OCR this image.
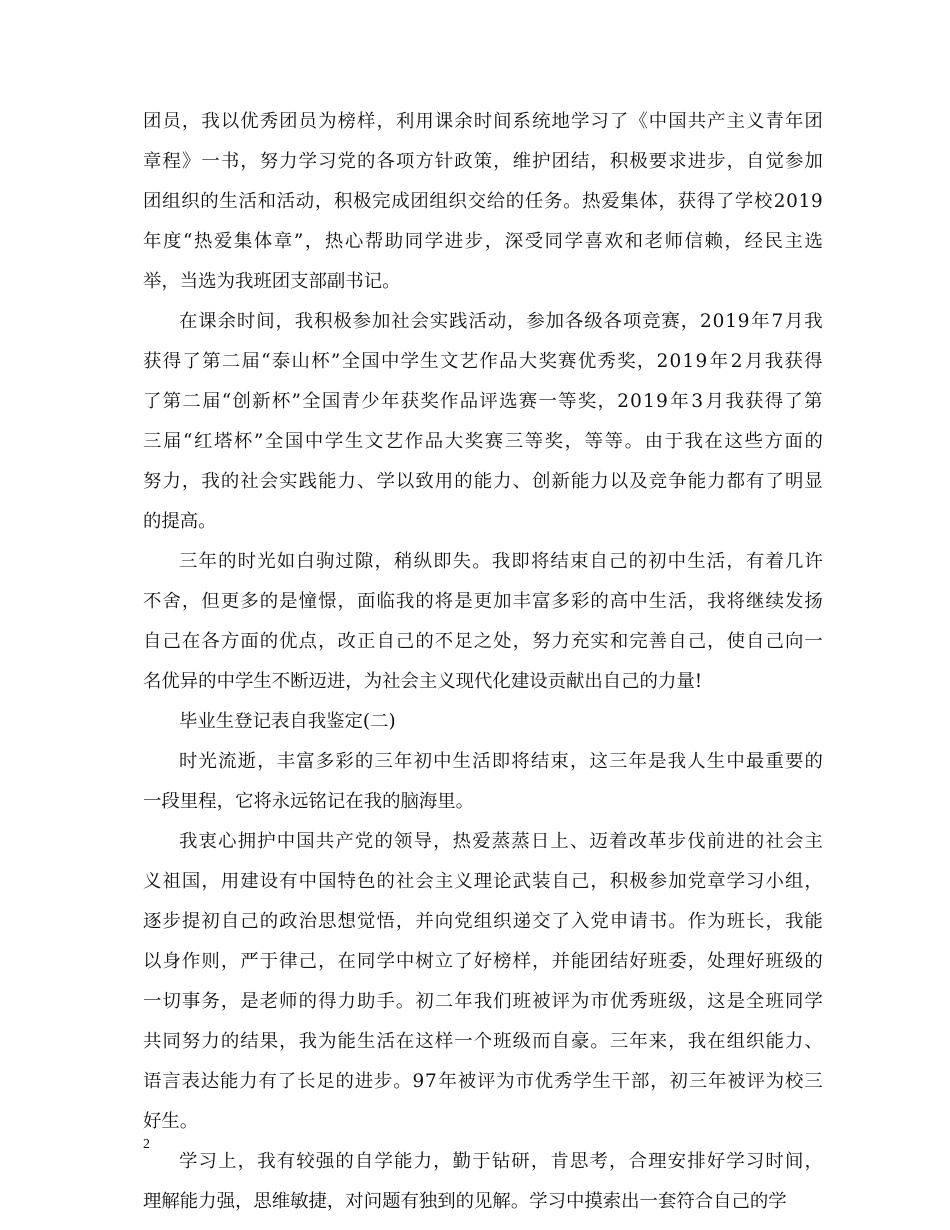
团 员 ， 我 以 优 秀 团 员 为 榜 样 ， 利 用 课 余 时 间 系 统 地 学 习 了 《 中 国 共 产 主 义 青 年 团
章 程 》 一 书 ， 努 力 学 习 党 的 各 项 方 针 政 策 ， 维 护 团 结 ， 积 极 要 求 进 步 ， 自 觉 参 加
团 组 织 的 生 活 和 活 动 ， 积 极 完 成 团 组 织 交 给 的 任 务 。 热 爱 集 体 ， 获 得 了 学 校 2 0 1 9
年 度 “ 热 爱 集 体 章 ” ， 热 心 帮 助 同 学 进 步 ， 深 受 同 学 喜 欢 和 老 师 信 赖 ， 经 民 主 选
举，当选为我班团支部副书记。
在 课 余 时 间 ， 我 积 极 参 加 社 会 实 践 活 动 ， 参 加 各 级 各 项 竞 赛 ， 2 0 1 9 年 7 月 我
获 得 了 第 二 届 “ 泰 山 杯 ” 全 国 中 学 生 文 艺 作 品 大 奖 赛 优 秀 奖 ， 2 0 1 9 年 2 月 我 获 得
了 第 二 届 “ 创 新 杯 ” 全 国 青 少 年 获 奖 作 品 评 选 赛 一 等 奖 ， 2 0 1 9 年 3 月 我 获 得 了 第
三 届 “ 红 塔 杯 ” 全 国 中 学 生 文 艺 作 品 大 奖 赛 三 等 奖 ， 等 等 。 由 于 我 在 这 些 方 面 的
努 力 ， 我 的 社 会 实 践 能 力 、 学 以 致 用 的 能 力 、 创 新 能 力 以 及 竞 争 能 力 都 有 了 明 显
的提高。
三 年 的 时 光 如 白 驹 过 隙 ， 稍 纵 即 失 。 我 即 将 结 束 自 己 的 初 中 生 活 ， 有 着 几 许
不 舍 ， 但 更 多 的 是 憧 憬 ， 面 临 我 的 将 是 更 加 丰 富 多 彩 的 高 中 生 活 ， 我 将 继 续 发 扬
自 己 在 各 方 面 的 优 点 ， 改 正 自 己 的 不 足 之 处 ， 努 力 充 实 和 完 善 自 己 ， 使 自 己 向 一
名优异的中学生不断迈进，为社会主义现代化建设贡献出自己的力量!
毕业生登记表自我鉴定(二)
时 光 流 逝 ， 丰 富 多 彩 的 三 年 初 中 生 活 即 将 结 束 ， 这 三 年 是 我 人 生 中 最 重 要 的
一段里程，它将永远铭记在我的脑海里。
我 衷 心 拥 护 中 国 共 产 党 的 领 导 ， 热 爱 蒸 蒸 日 上 、 迈 着 改 革 步 伐 前 进 的 社 会 主
义 祖 国 ， 用 建 设 有 中 国 特 色 的 社 会 主 义 理 论 武 装 自 己 ， 积 极 参 加 党 章 学 习 小 组 ，
逐 步 提 初 自 己 的 政 治 思 想 觉 悟 ， 并 向 党 组 织 递 交 了 入 党 申 请 书 。 作 为 班 长 ， 我 能
以 身 作 则 ， 严 于 律 己 ， 在 同 学 中 树 立 了 好 榜 样 ， 并 能 团 结 好 班 委 ， 处 理 好 班 级 的
一 切 事 务 ， 是 老 师 的 得 力 助 手 。 初 二 年 我 们 班 被 评 为 市 优 秀 班 级 ， 这 是 全 班 同 学
共 同 努 力 的 结 果 ， 我 为 能 生 活 在 这 样 一 个 班 级 而 自 豪 。 三 年 来 ， 我 在 组 织 能 力 、
语 言 表 达 能 力 有 了 长 足 的 进 步 。 9 7 年 被 评 为 市 优 秀 学 生 干 部 ， 初 三 年 被 评 为 校 三
好生。
学 习 上 ， 我 有 较 强 的 自 学 能 力 ， 勤 于 钻 研 ， 肯 思 考 ， 合 理 安 排 好 学 习 时 间 ，
理解能力强，思维敏捷，对问题有独到的见解。学习中摸索出一套符合自己的学
2
